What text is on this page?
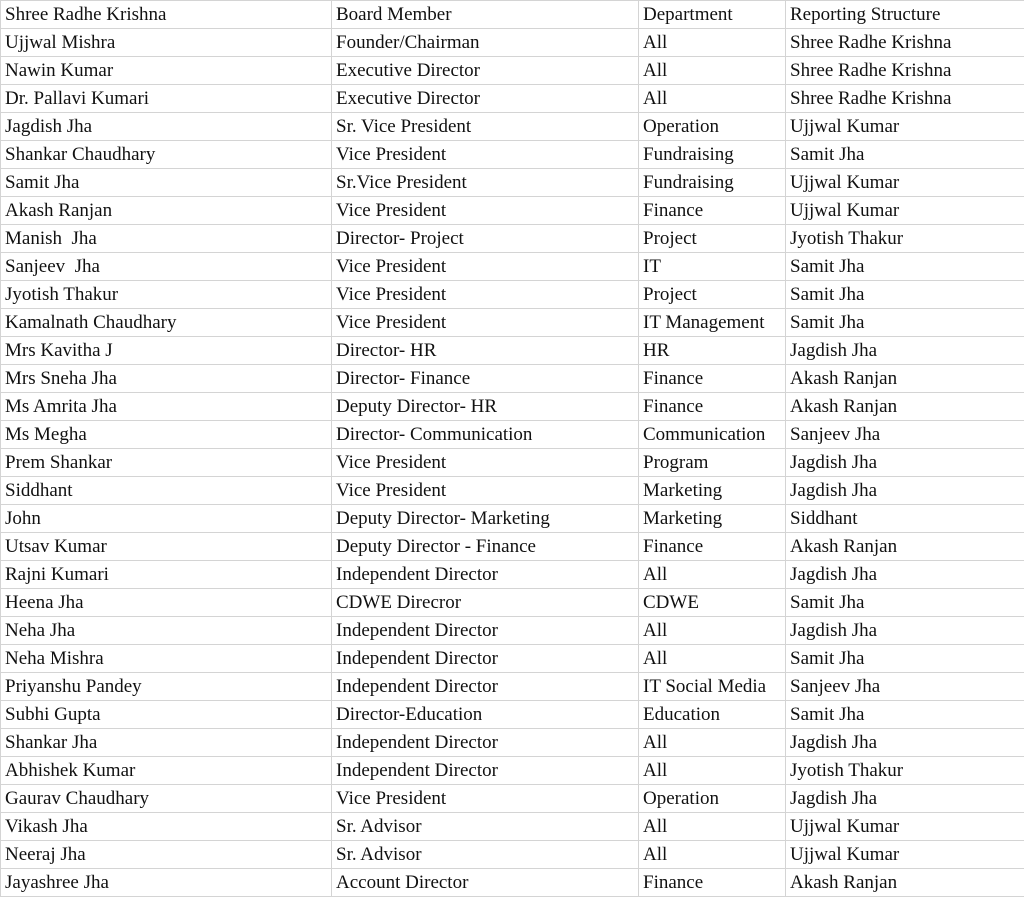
Shree Radhe Krishna	Board Member	Department	Reporting Structure
Ujjwal Mishra	Founder/Chairman	All	Shree Radhe Krishna
Nawin Kumar	Executive Director	All	Shree Radhe Krishna
Dr. Pallavi Kumari	Executive Director	All	Shree Radhe Krishna
Jagdish Jha	Sr. Vice President	Operation	Ujjwal Kumar
Shankar Chaudhary	Vice President	Fundraising	Samit Jha
Samit Jha	Sr.Vice President	Fundraising	Ujjwal Kumar
Akash Ranjan	Vice President	Finance	Ujjwal Kumar
Manish  Jha	Director- Project	Project	Jyotish Thakur
Sanjeev  Jha	Vice President	IT	Samit Jha
Jyotish Thakur	Vice President	Project	Samit Jha
Kamalnath Chaudhary	Vice President	IT Management	Samit Jha
Mrs Kavitha J	Director- HR	HR	Jagdish Jha
Mrs Sneha Jha	Director- Finance	Finance	Akash Ranjan
Ms Amrita Jha	Deputy Director- HR	Finance	Akash Ranjan
Ms Megha	Director- Communication	Communication	Sanjeev Jha
Prem Shankar	Vice President	Program	Jagdish Jha
Siddhant	Vice President	Marketing	Jagdish Jha
John	Deputy Director- Marketing	Marketing	Siddhant
Utsav Kumar	Deputy Director - Finance	Finance	Akash Ranjan
Rajni Kumari	Independent Director	All	Jagdish Jha
Heena Jha	CDWE Direcror	CDWE	Samit Jha
Neha Jha	Independent Director	All	Jagdish Jha
Neha Mishra	Independent Director	All	Samit Jha
Priyanshu Pandey	Independent Director	IT Social Media	Sanjeev Jha
Subhi Gupta	Director-Education	Education	Samit Jha
Shankar Jha	Independent Director	All	Jagdish Jha
Abhishek Kumar	Independent Director	All	Jyotish Thakur
Gaurav Chaudhary	Vice President	Operation	Jagdish Jha
Vikash Jha	Sr. Advisor	All	Ujjwal Kumar
Neeraj Jha	Sr. Advisor	All	Ujjwal Kumar
Jayashree Jha	Account Director	Finance	Akash Ranjan
